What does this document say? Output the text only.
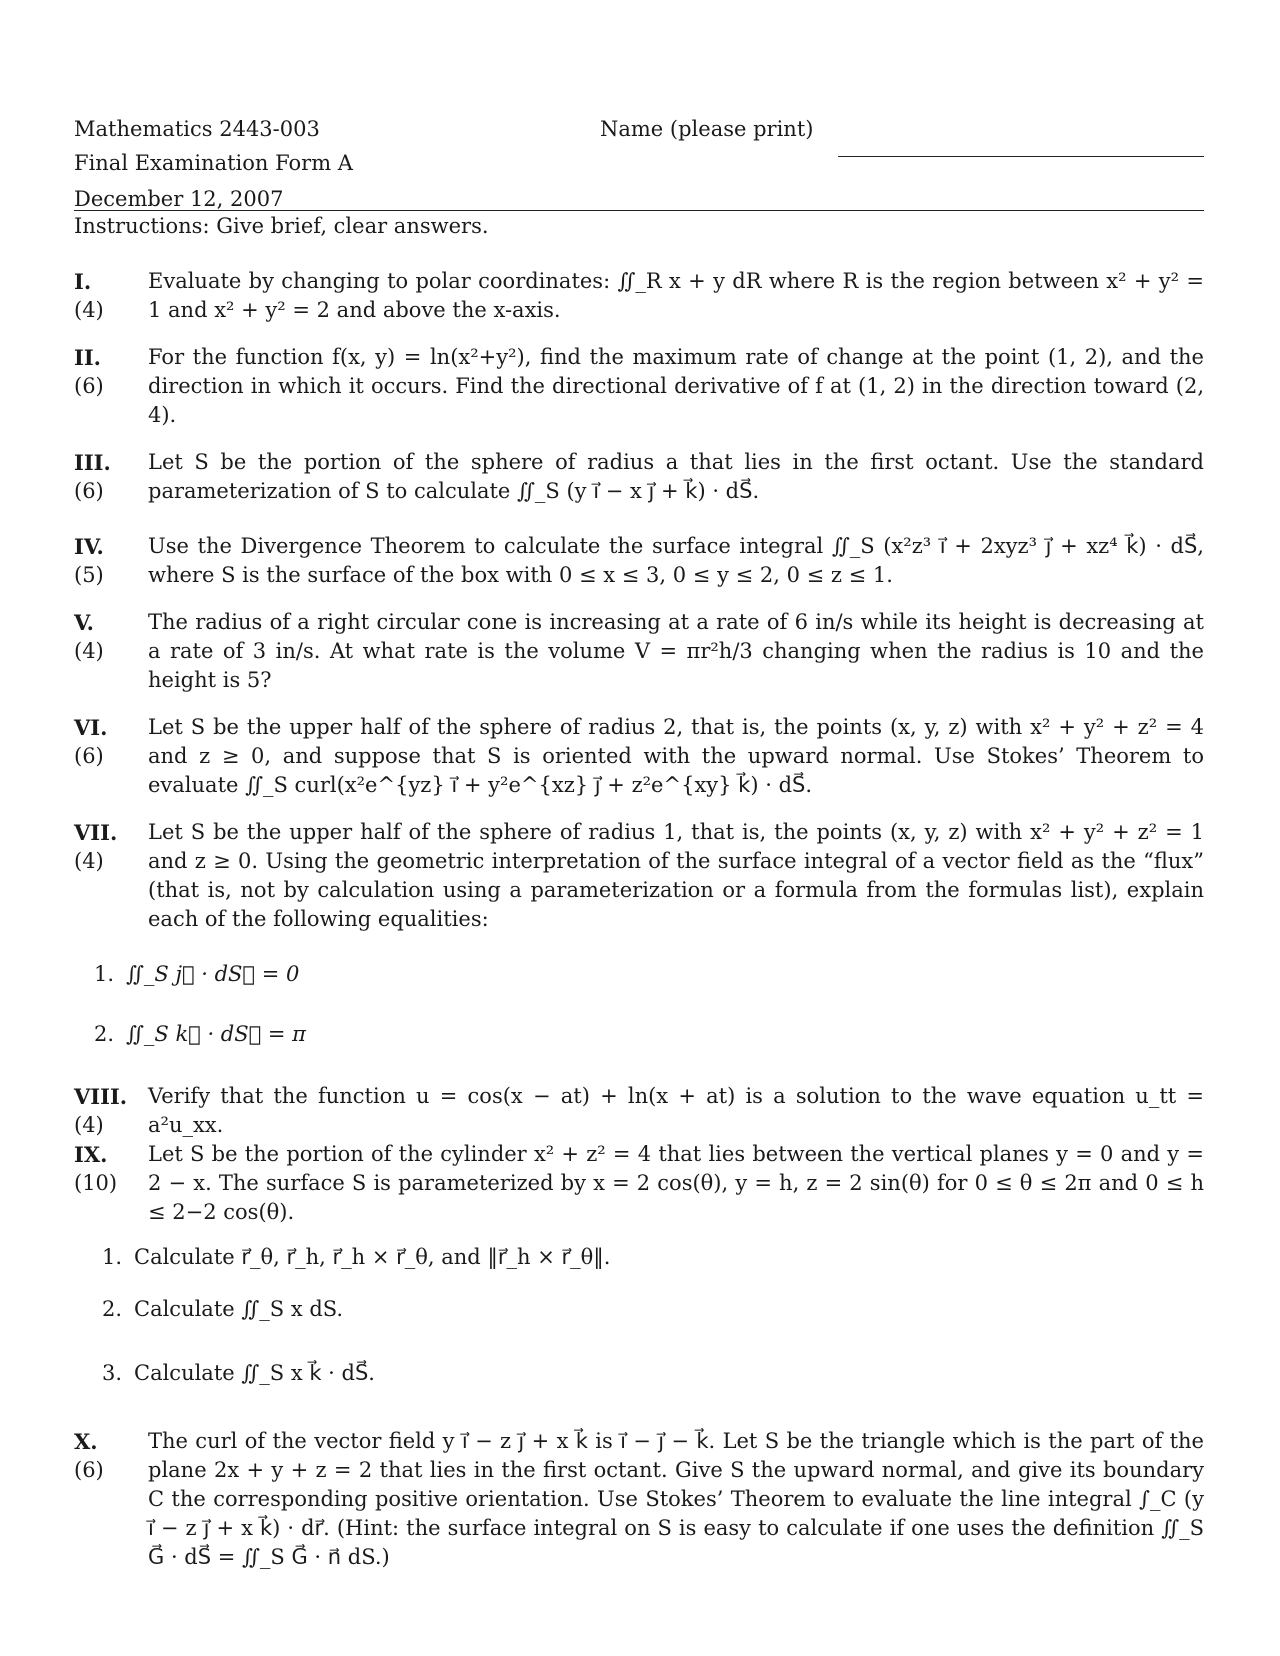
Mathematics 2443-003	Name (please print)
Final Examination Form A
December 12, 2007
Instructions: Give brief, clear answers.
I.
(4)
Evaluate by changing to polar coordinates: ∬_R x + y dR where R is the region between x² + y² = 1 and x² + y² = 2 and above the x-axis.
II.
(6)
For the function f(x, y) = ln(x²+y²), find the maximum rate of change at the point (1, 2), and the direction in which it occurs. Find the directional derivative of f at (1, 2) in the direction toward (2, 4).
III.
(6)
Let S be the portion of the sphere of radius a that lies in the first octant. Use the standard parameterization of S to calculate ∬_S (y i⃗ − x j⃗ + k⃗) · dS⃗.
IV.
(5)
Use the Divergence Theorem to calculate the surface integral ∬_S (x²z³ i⃗ + 2xyz³ j⃗ + xz⁴ k⃗) · dS⃗, where S is the surface of the box with 0 ≤ x ≤ 3, 0 ≤ y ≤ 2, 0 ≤ z ≤ 1.
V.
(4)
The radius of a right circular cone is increasing at a rate of 6 in/s while its height is decreasing at a rate of 3 in/s. At what rate is the volume V = πr²h/3 changing when the radius is 10 and the height is 5?
VI.
(6)
Let S be the upper half of the sphere of radius 2, that is, the points (x, y, z) with x² + y² + z² = 4 and z ≥ 0, and suppose that S is oriented with the upward normal. Use Stokes’ Theorem to evaluate ∬_S curl(x²e^{yz} i⃗ + y²e^{xz} j⃗ + z²e^{xy} k⃗) · dS⃗.
VII.
(4)
Let S be the upper half of the sphere of radius 1, that is, the points (x, y, z) with x² + y² + z² = 1 and z ≥ 0. Using the geometric interpretation of the surface integral of a vector field as the “flux” (that is, not by calculation using a parameterization or a formula from the formulas list), explain each of the following equalities:
1. ∬_S j⃗ · dS⃗ = 0
2. ∬_S k⃗ · dS⃗ = π
VIII.
(4)
Verify that the function u = cos(x − at) + ln(x + at) is a solution to the wave equation u_tt = a²u_xx.
IX.
(10)
Let S be the portion of the cylinder x² + z² = 4 that lies between the vertical planes y = 0 and y = 2 − x. The surface S is parameterized by x = 2 cos(θ), y = h, z = 2 sin(θ) for 0 ≤ θ ≤ 2π and 0 ≤ h ≤ 2−2 cos(θ).
1. Calculate r⃗_θ, r⃗_h, r⃗_h × r⃗_θ, and ‖r⃗_h × r⃗_θ‖.
2. Calculate ∬_S x dS.
3. Calculate ∬_S x k⃗ · dS⃗.
X.
(6)
The curl of the vector field y i⃗ − z j⃗ + x k⃗ is i⃗ − j⃗ − k⃗. Let S be the triangle which is the part of the plane 2x + y + z = 2 that lies in the first octant. Give S the upward normal, and give its boundary C the corresponding positive orientation. Use Stokes’ Theorem to evaluate the line integral ∫_C (y i⃗ − z j⃗ + x k⃗) · dr⃗. (Hint: the surface integral on S is easy to calculate if one uses the definition ∬_S G⃗ · dS⃗ = ∬_S G⃗ · n⃗ dS.)
